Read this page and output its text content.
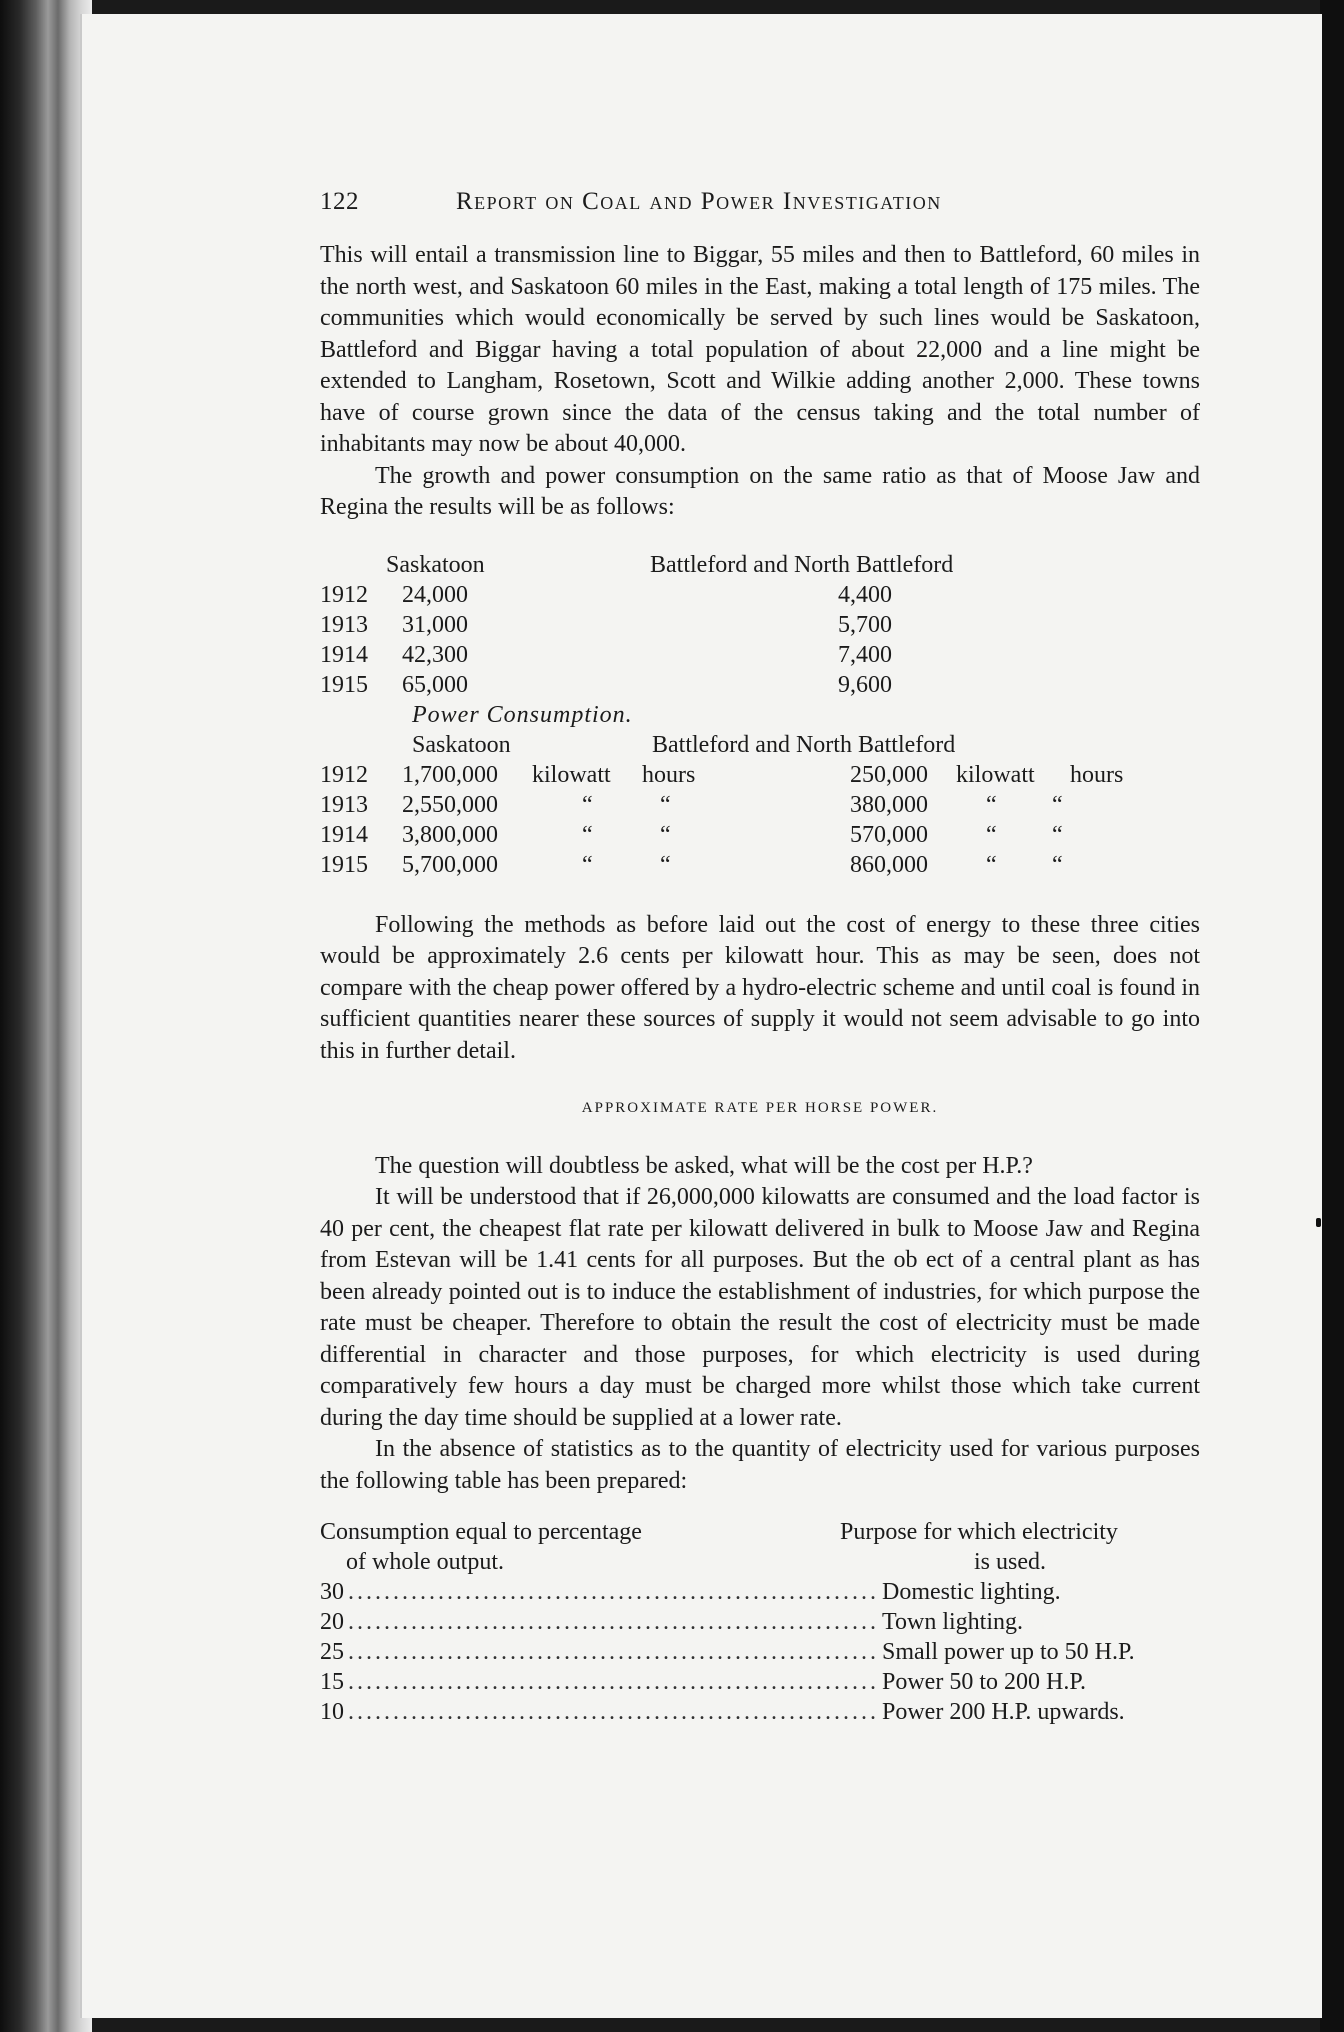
122	Report on Coal and Power Investigation

This will entail a transmission line to Biggar, 55 miles and then to Battleford, 60 miles in the north west, and Saskatoon 60 miles in the East, making a total length of 175 miles. The communities which would economically be served by such lines would be Saskatoon, Battleford and Biggar having a total population of about 22,000 and a line might be extended to Langham, Rosetown, Scott and Wilkie adding another 2,000. These towns have of course grown since the data of the census taking and the total number of inhabitants may now be about 40,000.

The growth and power consumption on the same ratio as that of Moose Jaw and Regina the results will be as follows:

Saskatoon	Battleford and North Battleford
1912 24,000	4,400
1913 31,000	5,700
1914 42,300	7,400
1915 65,000	9,600
Power Consumption.
Saskatoon	Battleford and North Battleford
1912 1,700,000 kilowatt hours	250,000 kilowatt hours
1913 2,550,000	“	“	380,000 “ “
1914 3,800,000	“	“	570,000 “ “
1915 5,700,000	“	“	860,000 “ “

Following the methods as before laid out the cost of energy to these three cities would be approximately 2.6 cents per kilowatt hour. This as may be seen, does not compare with the cheap power offered by a hydro-electric scheme and until coal is found in sufficient quantities nearer these sources of supply it would not seem advisable to go into this in further detail.

APPROXIMATE RATE PER HORSE POWER.

The question will doubtless be asked, what will be the cost per H.P.?

It will be understood that if 26,000,000 kilowatts are consumed and the load factor is 40 per cent, the cheapest flat rate per kilowatt delivered in bulk to Moose Jaw and Regina from Estevan will be 1.41 cents for all purposes. But the ob ect of a central plant as has been already pointed out is to induce the establishment of industries, for which purpose the rate must be cheaper. Therefore to obtain the result the cost of electricity must be made differential in character and those purposes, for which electricity is used during comparatively few hours a day must be charged more whilst those which take current during the day time should be supplied at a lower rate.

In the absence of statistics as to the quantity of electricity used for various purposes the following table has been prepared:

Consumption equal to percentage	Purpose for which electricity
of whole output.	is used.
30 .....	Domestic lighting.
20 .....	Town lighting.
25 .....	Small power up to 50 H.P.
15 .....	Power 50 to 200 H.P.
10 .....	Power 200 H.P. upwards.
